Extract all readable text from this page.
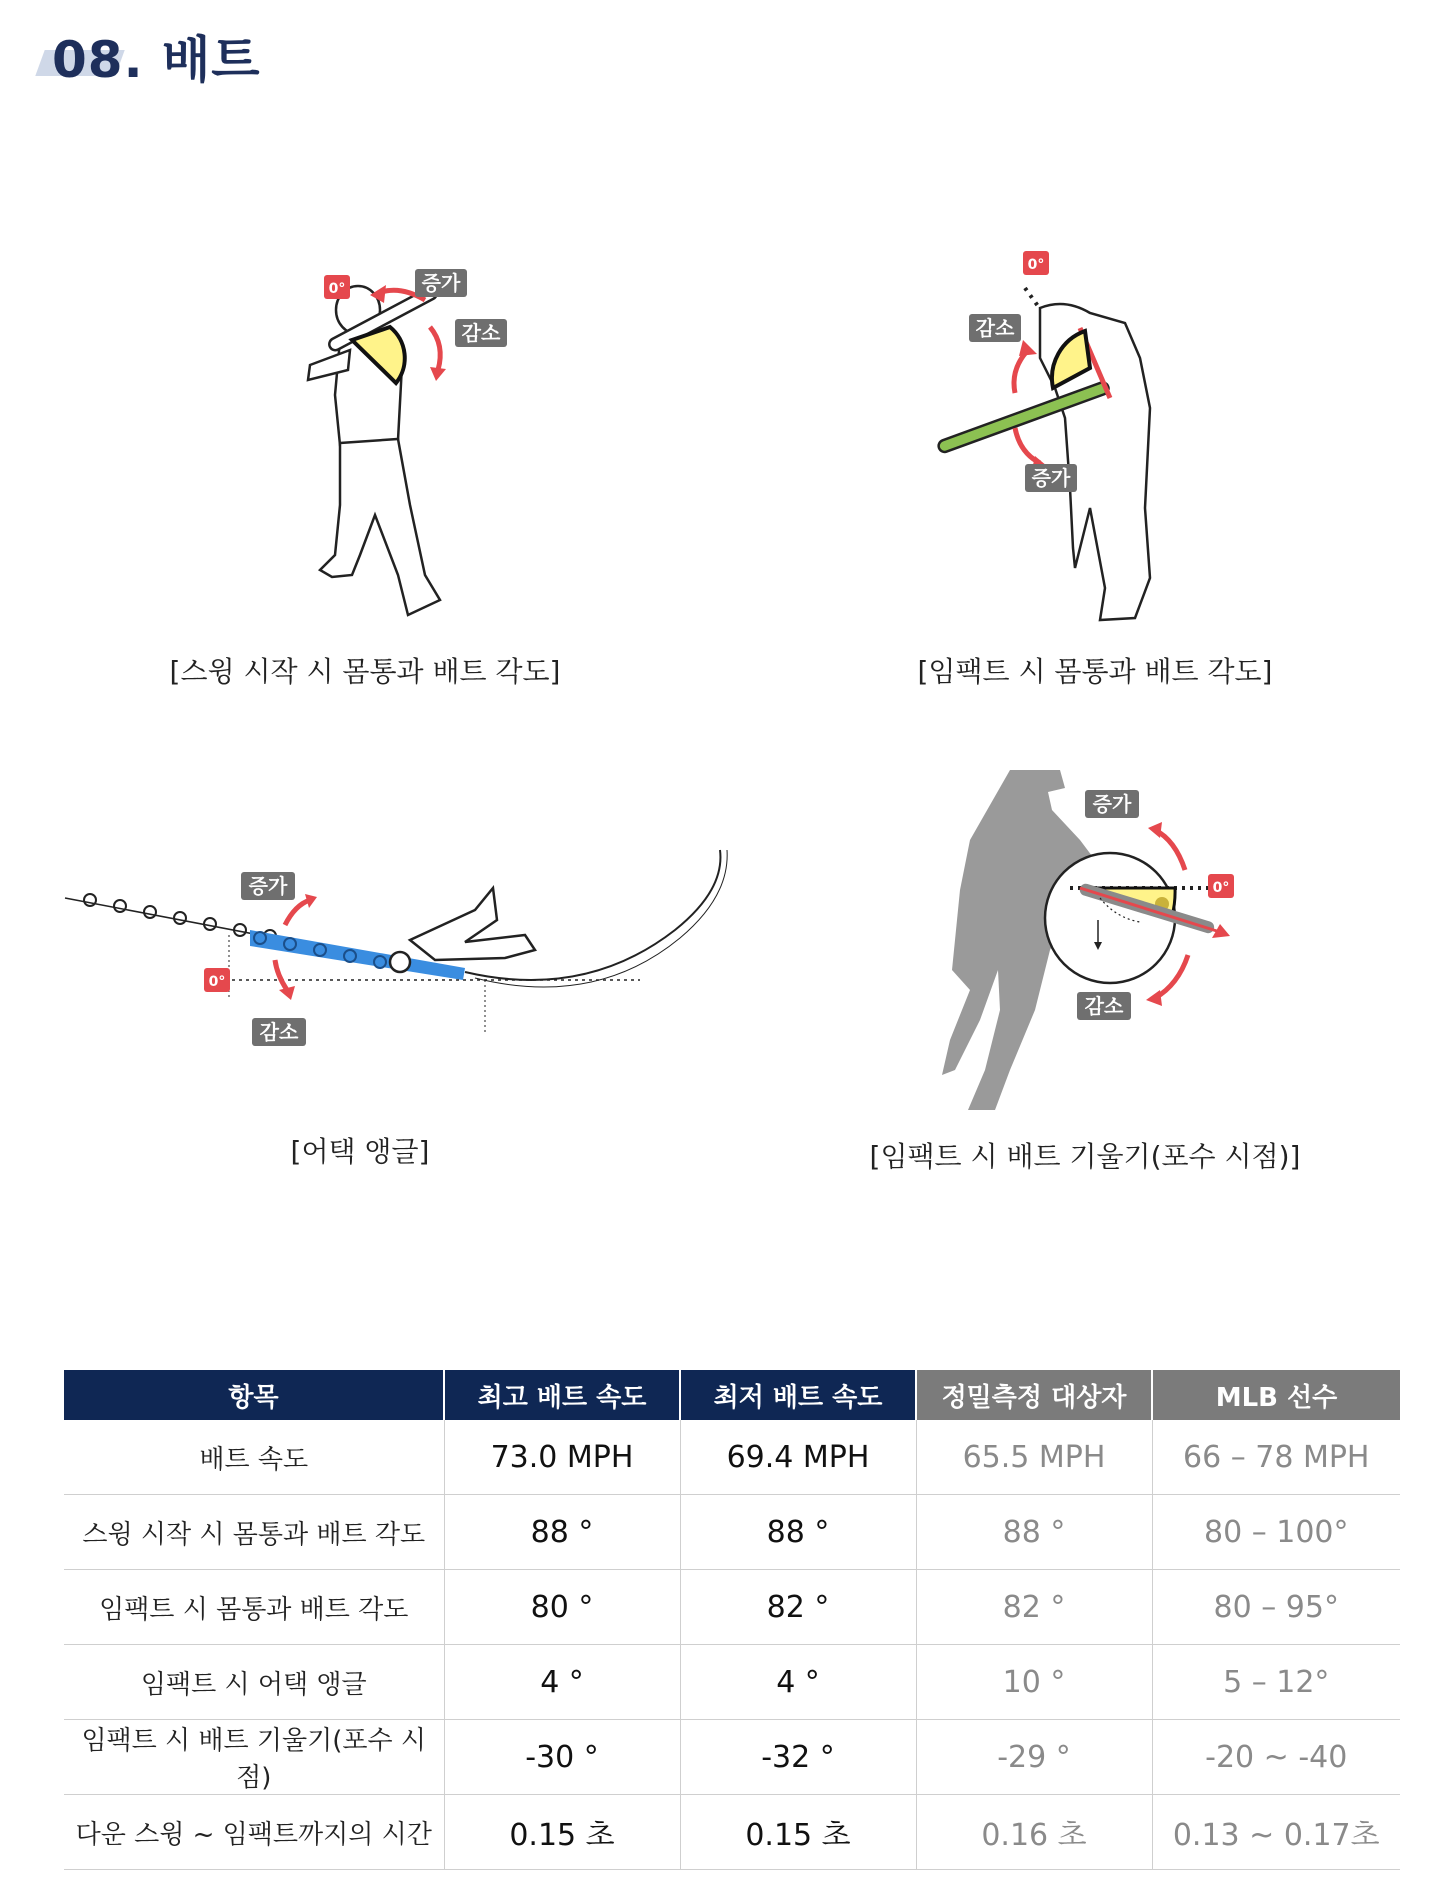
08. 배트
0°	증가
감소
[스윙 시작 시 몸통과 배트 각도]
0°
감소
증가
[임팩트 시 몸통과 배트 각도]
증가
0°
감소
[어택 앵글]
증가
0°
감소
[임팩트 시 배트 기울기(포수 시점)]
항목	최고 배트 속도	최저 배트 속도	정밀측정 대상자	MLB 선수
배트 속도	73.0 MPH	69.4 MPH	65.5 MPH	66 – 78 MPH
스윙 시작 시 몸통과 배트 각도	88 °	88 °	88 °	80 – 100°
임팩트 시 몸통과 배트 각도	80 °	82 °	82 °	80 – 95°
임팩트 시 어택 앵글	4 °	4 °	10 °	5 – 12°
임팩트 시 배트 기울기(포수 시점)	-30 °	-32 °	-29 °	-20 ~ -40
다운 스윙 ~ 임팩트까지의 시간	0.15 초	0.15 초	0.16 초	0.13 ~ 0.17초
